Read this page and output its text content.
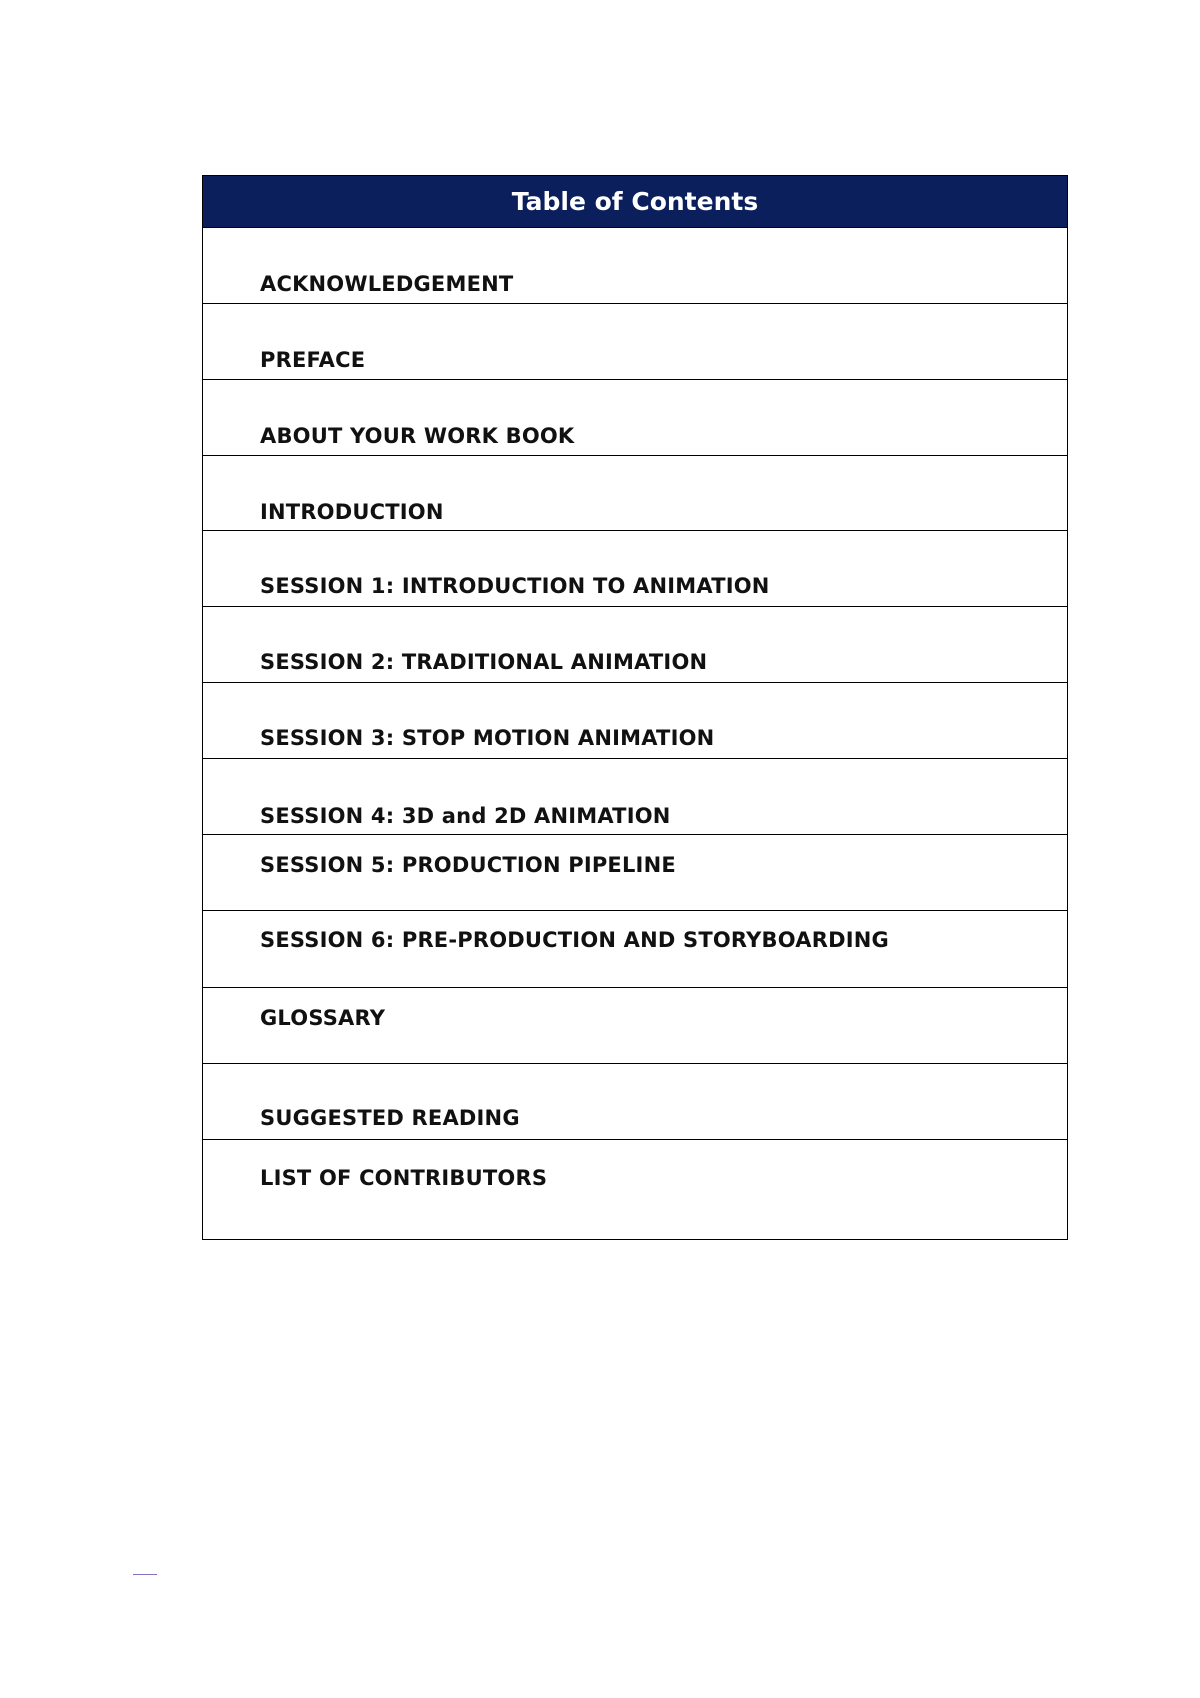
Table of Contents
ACKNOWLEDGEMENT
PREFACE
ABOUT YOUR WORK BOOK
INTRODUCTION
SESSION 1: INTRODUCTION TO ANIMATION
SESSION 2: TRADITIONAL ANIMATION
SESSION 3: STOP MOTION ANIMATION
SESSION 4: 3D and 2D ANIMATION
SESSION 5: PRODUCTION PIPELINE
SESSION 6: PRE-PRODUCTION AND STORYBOARDING
GLOSSARY
SUGGESTED READING
LIST OF CONTRIBUTORS
